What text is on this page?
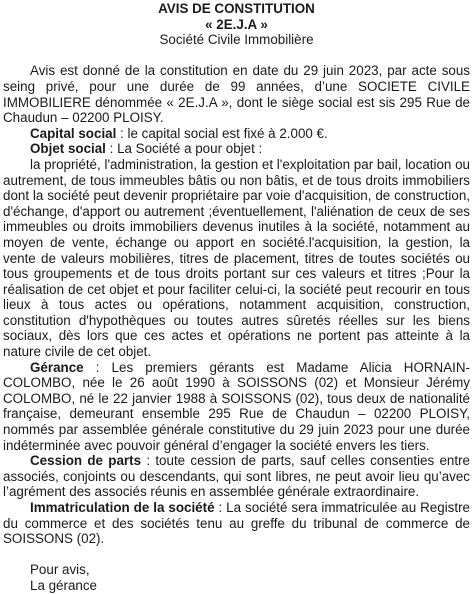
AVIS DE CONSTITUTION
« 2E.J.A »
Société Civile Immobilière

Avis est donné de la constitution en date du 29 juin 2023, par acte sous seing privé, pour une durée de 99 années, d’une SOCIETE CIVILE IMMOBILIERE dénommée « 2E.J.A », dont le siège social est sis 295 Rue de Chaudun – 02200 PLOISY.

Capital social : le capital social est fixé à 2.000 €.

Objet social : La Société a pour objet :

la propriété, l'administration, la gestion et l'exploitation par bail, location ou autrement, de tous immeubles bâtis ou non bâtis, et de tous droits immobiliers dont la société peut devenir propriétaire par voie d'acquisition, de construction, d'échange, d'apport ou autrement ;éventuellement, l'aliénation de ceux de ses immeubles ou droits immobiliers devenus inutiles à la société, notamment au moyen de vente, échange ou apport en société.l'acquisition, la gestion, la vente de valeurs mobilières, titres de placement, titres de toutes sociétés ou tous groupements et de tous droits portant sur ces valeurs et titres ;Pour la réalisation de cet objet et pour faciliter celui-ci, la société peut recourir en tous lieux à tous actes ou opérations, notamment acquisition, construction, constitution d'hypothèques ou toutes autres sûretés réelles sur les biens sociaux, dès lors que ces actes et opérations ne portent pas atteinte à la nature civile de cet objet.

Gérance : Les premiers gérants est Madame Alicia HORNAIN-COLOMBO, née le 26 août 1990 à SOISSONS (02) et Monsieur Jérémy COLOMBO, né le 22 janvier 1988 à SOISSONS (02), tous deux de nationalité française, demeurant ensemble 295 Rue de Chaudun – 02200 PLOISY, nommés par assemblée générale constitutive du 29 juin 2023 pour une durée indéterminée avec pouvoir général d’engager la société envers les tiers.

Cession de parts : toute cession de parts, sauf celles consenties entre associés, conjoints ou descendants, qui sont libres, ne peut avoir lieu qu’avec l’agrément des associés réunis en assemblée générale extraordinaire.

Immatriculation de la société : La société sera immatriculée au Registre du commerce et des sociétés tenu au greffe du tribunal de commerce de SOISSONS (02).

Pour avis,

La gérance
